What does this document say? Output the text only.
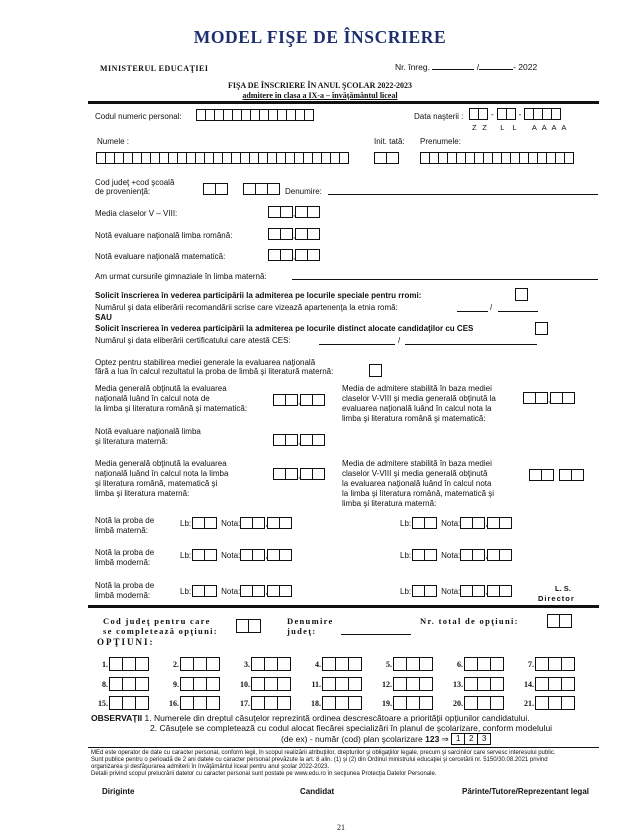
MODEL FIŞE DE ÎNSCRIERE
MINISTERUL EDUCAŢIEI	Nr. înreg.	/	- 2022
FIŞA DE ÎNSCRIERE ÎN ANUL ŞCOLAR 2022-2023
admitere în clasa a IX-a – învăţământul liceal
Codul numeric personal:	Data naşterii :	-	-
Z  Z     L   L      A  A  A  A
Numele :	Init. tată: Prenumele:
Cod judeţ +cod şcoală
de provenienţă:	Denumire:
Media claselor V – VIII:	,
Notă evaluare naţională limba română:	,
Notă evaluare naţională matematică:	,
Am urmat cursurile gimnaziale în limba maternă:
Solicit înscrierea în vederea participării la admiterea pe locurile speciale pentru rromi:
Numărul şi data eliberării recomandării scrise care vizează apartenenţa la etnia romă:	/
SAU
Solicit înscrierea în vederea participării la admiterea pe locurile distinct alocate candidaţilor cu CES
Numărul şi data eliberării certificatului care atestă CES:	/
Optez pentru stabilirea mediei generale la evaluarea naţională
fără a lua în calcul rezultatul la proba de limbă şi literatură maternă:
Media generală obţinută la evaluarea
naţională luând în calcul nota de
la limba şi literatura română şi matematică:
,
Media de admitere stabilită în baza mediei
claselor V-VIII şi media generală obţinută la
evaluarea naţională luând în calcul nota la
limba şi literatura română şi matematică:
,
Notă evaluare naţională limba
şi literatura maternă:	,
Media generală obţinută la evaluarea
naţională luând în calcul nota la limba
şi literatura română, matematică şi
limba şi literatura maternă:
,
Media de admitere stabilită în baza mediei
claselor V-VIII şi media generală obţinută
la evaluarea naţională luând în calcul nota
la limba şi literatura română, matematică şi
limba şi literatura maternă:
Notă la proba de
limbă maternă:
Lb:	Nota:	,	Lb:	Nota:	,
Notă la proba de
limbă modernă:
Lb:	Nota:	,	Lb:	Nota:	,
Notă la proba de
limbă modernă:	Lb:	Nota:	,	Lb:	Nota:	,	L. S.
Director
Cod judeţ pentru care
se completează opţiuni:
Denumire
judeţ:
Nr. total de opţiuni:
OPŢIUNI:
1.	2.	3.	4.	5.	6.	7.
8.	9.	10.	11.	12.	13.	14.
15.	16.	17.	18.	19.	20.	21.
OBSERVAŢII 1. Numerele din dreptul căsuţelor reprezintă ordinea descrescătoare a priorităţii opţiunilor candidatului.
2. Căsuţele se completează cu codul alocat fiecărei specializări în planul de şcolarizare, conform modelului
(de ex) - număr (cod) plan şcolarizare
123
⇒
1	2	3
MEd este operator de date cu caracter personal, conform legii, în scopul realizării atribuţiilor, drepturilor şi obligaţiilor legale, precum şi sarcinilor care servesc interesului public.
Sunt publice pentru o perioadă de 2 ani datele cu caracter personal prevăzute la art. 8 alin. (1) şi (2) din Ordinul ministrului educaţiei şi cercetării nr. 5150/30.08.2021 privind
organizarea şi desfăşurarea admiterii în învăţământul liceal pentru anul şcolar 2022-2023.
Detalii privind scopul prelucrării datelor cu caracter personal sunt postate pe www.edu.ro în secţiunea Protecţia Datelor Personale.
Diriginte	Candidat	Părinte/Tutore/Reprezentant legal
21
